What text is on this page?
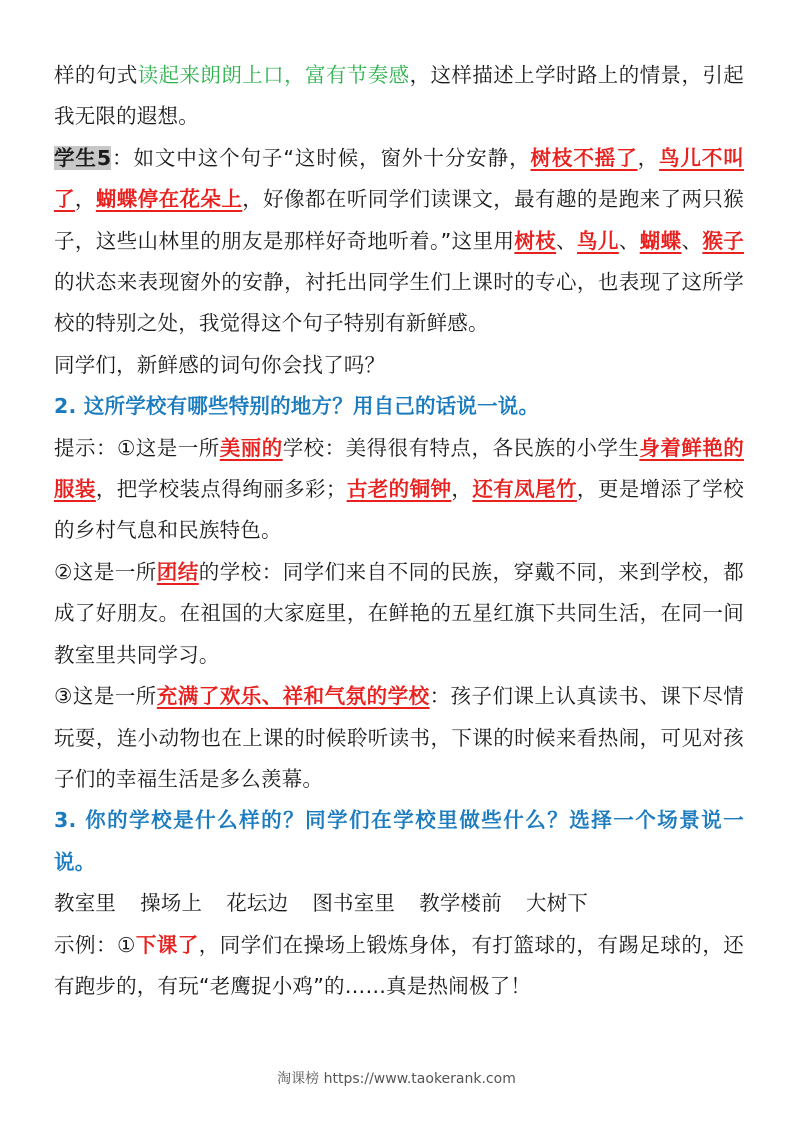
样的句式读起来朗朗上口，富有节奏感，这样描述上学时路上的情景，引起我无限的遐想。

学生5：如文中这个句子“这时候，窗外十分安静，树枝不摇了，鸟儿不叫了，蝴蝶停在花朵上，好像都在听同学们读课文，最有趣的是跑来了两只猴子，这些山林里的朋友是那样好奇地听着。”这里用树枝、鸟儿、蝴蝶、猴子的状态来表现窗外的安静，衬托出同学生们上课时的专心，也表现了这所学校的特别之处，我觉得这个句子特别有新鲜感。

同学们，新鲜感的词句你会找了吗？

2. 这所学校有哪些特别的地方？用自己的话说一说。

提示：①这是一所美丽的学校：美得很有特点，各民族的小学生身着鲜艳的服装，把学校装点得绚丽多彩；古老的铜钟，还有凤尾竹，更是增添了学校的乡村气息和民族特色。

②这是一所团结的学校：同学们来自不同的民族，穿戴不同，来到学校，都成了好朋友。在祖国的大家庭里，在鲜艳的五星红旗下共同生活，在同一间教室里共同学习。

③这是一所充满了欢乐、祥和气氛的学校：孩子们课上认真读书、课下尽情玩耍，连小动物也在上课的时候聆听读书，下课的时候来看热闹，可见对孩子们的幸福生活是多么羡幕。

3. 你的学校是什么样的？同学们在学校里做些什么？选择一个场景说一说。

教室里 操场上 花坛边 图书室里 教学楼前 大树下

示例：①下课了，同学们在操场上锻炼身体，有打篮球的，有踢足球的，还有跑步的，有玩“老鹰捉小鸡”的……真是热闹极了！

淘课榜 https://www.taokerank.com
